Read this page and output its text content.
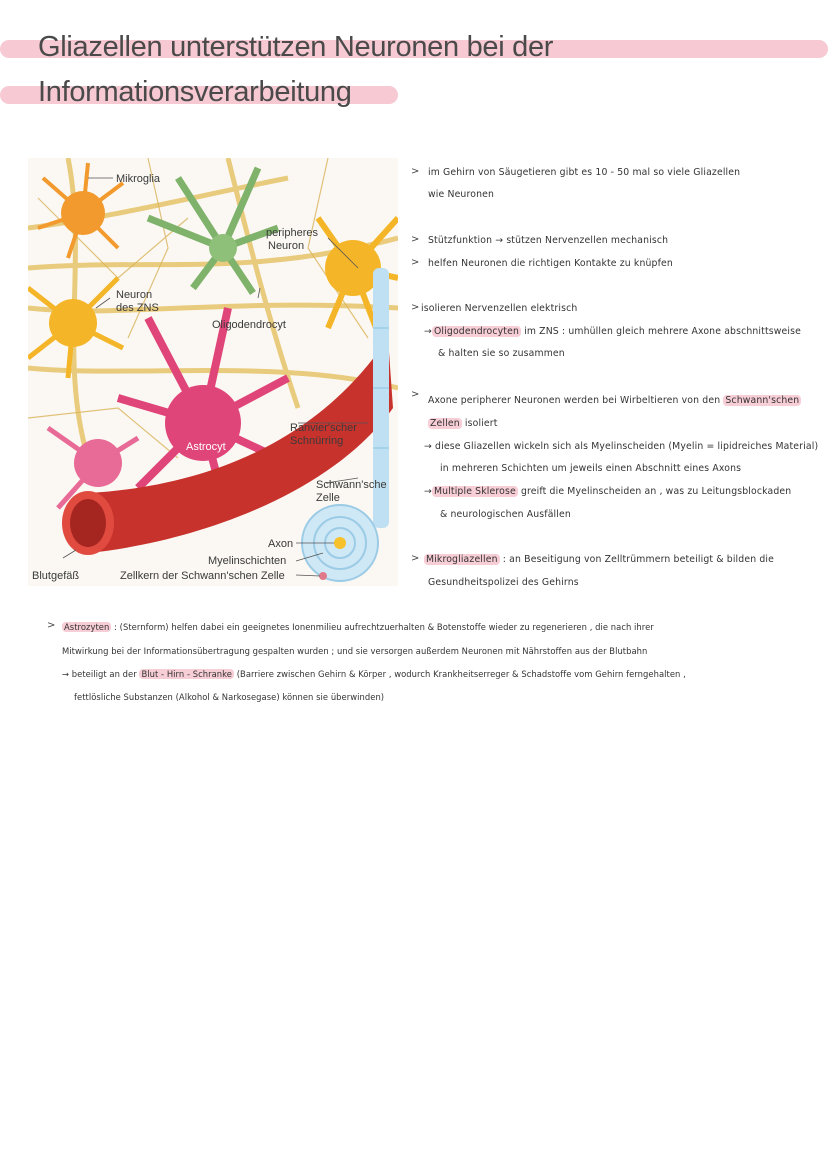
Gliazellen unterstützen Neuronen bei der
Informationsverarbeitung
Mikroglia
peripheres
Neuron
Neuron
des ZNS
Oligodendrocyt
Astrocyt
Ranvier'scher
Schnürring
Schwann'sche
Zelle
Axon
Myelinschichten
Blutgefäß	Zellkern der Schwann'schen Zelle
> im Gehirn von Säugetieren gibt es 10 - 50 mal so viele Gliazellen
wie Neuronen
> Stützfunktion → stützen Nervenzellen mechanisch
> helfen Neuronen die richtigen Kontakte zu knüpfen
> isolieren Nervenzellen elektrisch
→ Oligodendrocyten im ZNS : umhüllen gleich mehrere Axone abschnittsweise
& halten sie so zusammen
>
Axone peripherer Neuronen werden bei Wirbeltieren von den Schwann'schen
Zellen isoliert
→ diese Gliazellen wickeln sich als Myelinscheiden (Myelin = lipidreiches Material)
in mehreren Schichten um jeweils einen Abschnitt eines Axons
→ Multiple Sklerose greift die Myelinscheiden an , was zu Leitungsblockaden
& neurologischen Ausfällen
> Mikrogliazellen : an Beseitigung von Zelltrümmern beteiligt & bilden die
Gesundheitspolizei des Gehirns
> Astrozyten : (Sternform) helfen dabei ein geeignetes Ionenmilieu aufrechtzuerhalten & Botenstoffe wieder zu regenerieren , die nach ihrer
Mitwirkung bei der Informationsübertragung gespalten wurden ; und sie versorgen außerdem Neuronen mit Nährstoffen aus der Blutbahn
→ beteiligt an der Blut - Hirn - Schranke (Barriere zwischen Gehirn & Körper , wodurch Krankheitserreger & Schadstoffe vom Gehirn ferngehalten ,
fettlösliche Substanzen (Alkohol & Narkosegase) können sie überwinden)
